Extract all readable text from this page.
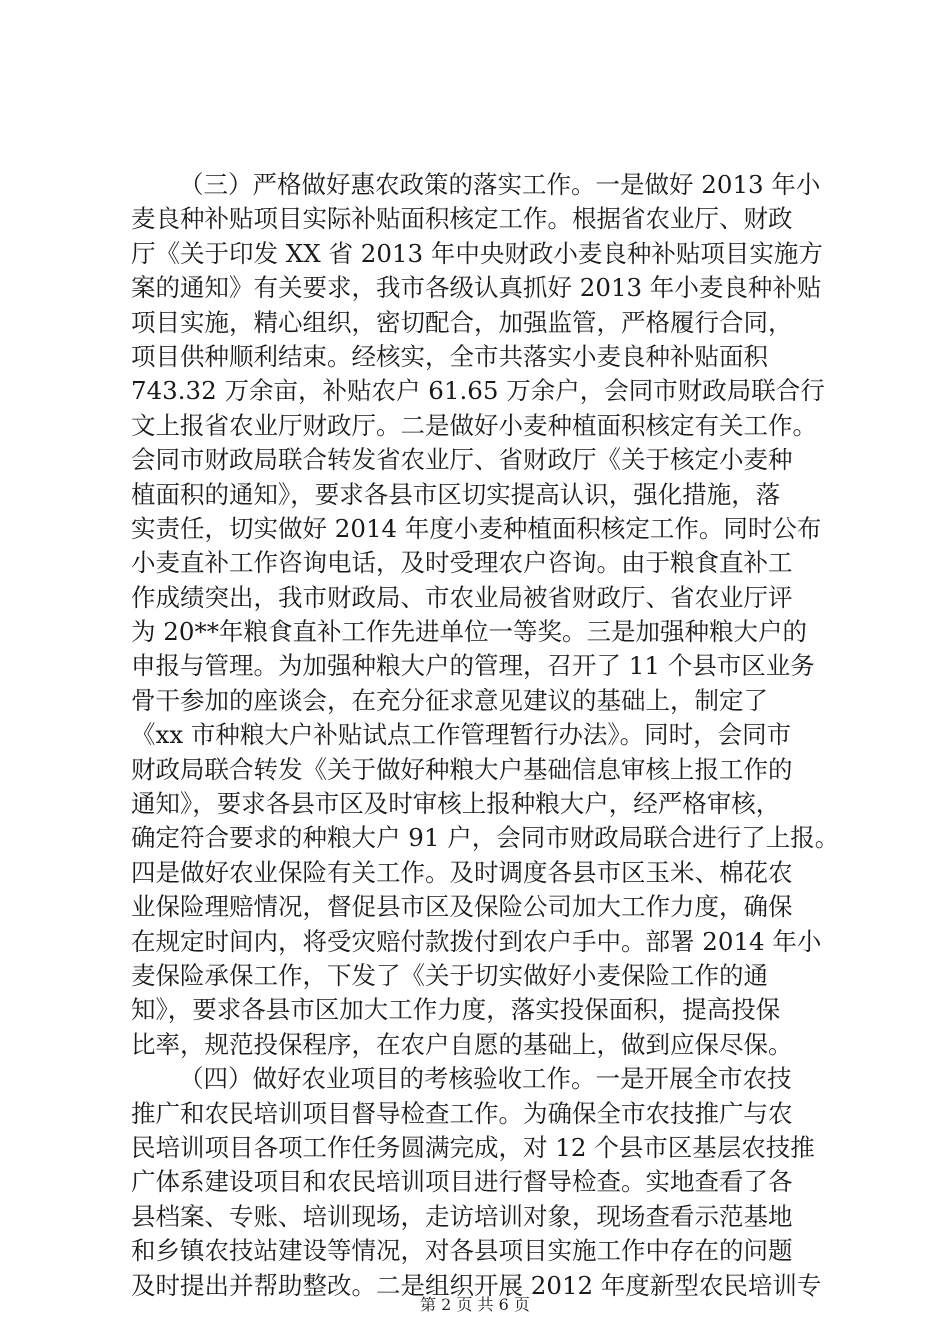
（三）严格做好惠农政策的落实工作。一是做好 2013 年小
麦良种补贴项目实际补贴面积核定工作。根据省农业厅、财政
厅《关于印发 XX 省 2013 年中央财政小麦良种补贴项目实施方
案的通知》有关要求，我市各级认真抓好 2013 年小麦良种补贴
项目实施，精心组织，密切配合，加强监管，严格履行合同，
项目供种顺利结束。经核实，全市共落实小麦良种补贴面积
743.32 万余亩，补贴农户 61.65 万余户，会同市财政局联合行
文上报省农业厅财政厅。二是做好小麦种植面积核定有关工作。
会同市财政局联合转发省农业厅、省财政厅《关于核定小麦种
植面积的通知》，要求各县市区切实提高认识，强化措施，落
实责任，切实做好 2014 年度小麦种植面积核定工作。同时公布
小麦直补工作咨询电话，及时受理农户咨询。由于粮食直补工
作成绩突出，我市财政局、市农业局被省财政厅、省农业厅评
为 20**年粮食直补工作先进单位一等奖。三是加强种粮大户的
申报与管理。为加强种粮大户的管理，召开了 11 个县市区业务
骨干参加的座谈会，在充分征求意见建议的基础上，制定了
《xx 市种粮大户补贴试点工作管理暂行办法》。同时，会同市
财政局联合转发《关于做好种粮大户基础信息审核上报工作的
通知》，要求各县市区及时审核上报种粮大户，经严格审核，
确定符合要求的种粮大户 91 户，会同市财政局联合进行了上报。
四是做好农业保险有关工作。及时调度各县市区玉米、棉花农
业保险理赔情况，督促县市区及保险公司加大工作力度，确保
在规定时间内，将受灾赔付款拨付到农户手中。部署 2014 年小
麦保险承保工作，下发了《关于切实做好小麦保险工作的通
知》，要求各县市区加大工作力度，落实投保面积，提高投保
比率，规范投保程序，在农户自愿的基础上，做到应保尽保。
（四）做好农业项目的考核验收工作。一是开展全市农技
推广和农民培训项目督导检查工作。为确保全市农技推广与农
民培训项目各项工作任务圆满完成，对 12 个县市区基层农技推
广体系建设项目和农民培训项目进行督导检查。实地查看了各
县档案、专账、培训现场，走访培训对象，现场查看示范基地
和乡镇农技站建设等情况，对各县项目实施工作中存在的问题
及时提出并帮助整改。二是组织开展 2012 年度新型农民培训专
第 2 页 共 6 页
